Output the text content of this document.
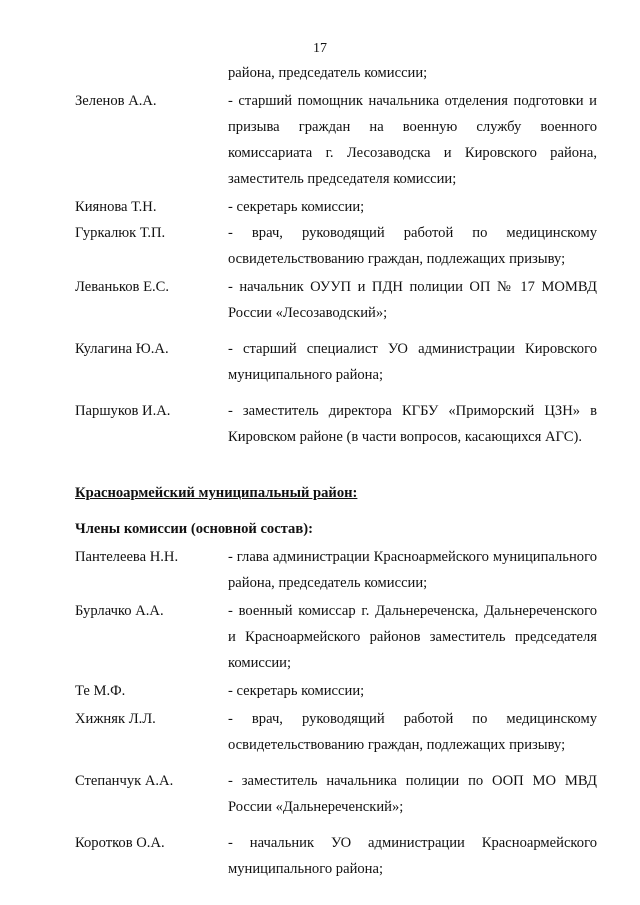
17
района, председатель комиссии;
Зеленов А.А.	- старший помощник начальника отделения подготовки и призыва граждан на военную службу военного комиссариата г. Лесозаводска и Кировского района, заместитель председателя комиссии;
Киянова Т.Н.	- секретарь комиссии;
Гуркалюк Т.П.	- врач, руководящий работой по медицинскому освидетельствованию граждан, подлежащих призыву;
Леваньков Е.С.	- начальник ОУУП и ПДН полиции ОП № 17 МОМВД России «Лесозаводский»;
Кулагина Ю.А.	- старший специалист УО администрации Кировского муниципального района;
Паршуков И.А.	- заместитель директора КГБУ «Приморский ЦЗН» в Кировском районе (в части вопросов, касающихся АГС).
Красноармейский муниципальный район:
Члены комиссии (основной состав):
Пантелеева Н.Н.	- глава администрации Красноармейского муниципального района, председатель комиссии;
Бурлачко А.А.	- военный комиссар г. Дальнереченска, Дальнереченского и Красноармейского районов заместитель председателя комиссии;
Те М.Ф.	- секретарь комиссии;
Хижняк Л.Л.	- врач, руководящий работой по медицинскому освидетельствованию граждан, подлежащих призыву;
Степанчук А.А.	- заместитель начальника полиции по ООП МО МВД России «Дальнереченский»;
Коротков О.А.	- начальник УО администрации Красноармейского муниципального района;
